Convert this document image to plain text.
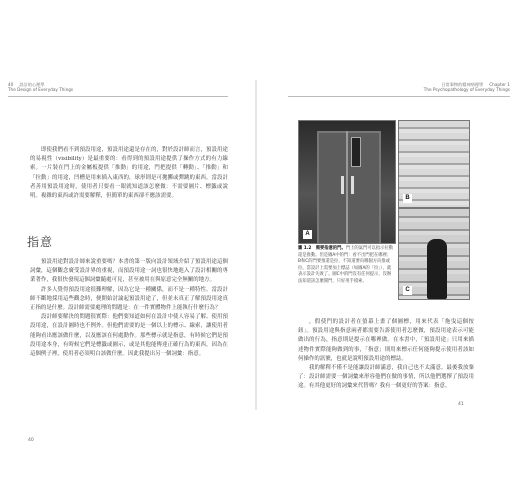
40 設計的心理學
The Design of Everyday Things
日常事物的精神病理學 Chapter 1
The Psychopathology of Everyday Things

即使我們看不到預設用途，預設用途還是存在的，對於設計師而言，預設用途的易視性（visibility）是最重要的：看得到的預設用途提供了操作方式的有力線索。一片裝在門上的金屬板提供「推動」的用途，門把提供「轉動」、「推動」和「拉動」的用途，凹槽是用來插入東西的，球形則是可拋擲或彈跳的東西。當設計者善用預設用途時，使用者只要看一眼就知道該怎麼做：不需要圖片、標籤或說明。複雜的東西或許需要解釋，但簡單的東西卻不應該需要。

指意

預設用途對設計師來說重要嗎？本書的第一版向設計領域介紹了預設用途這個詞彙，這個觀念廣受設計界的重視，而預設用途一詞也很快地進入了設計相關的專業著作，我很快發現這個詞彙隨處可見，甚至被用在與原意完全無關的地方。

許多人覺得預設用途很難理解，因為它是一種關係，而不是一種特性。當設計師不斷地採用這些觀念時，便開始討論起預設用途了，但並未真正了解預設用途真正指的是什麼。設計師需要處理的問題是：在一件實體物件上能執行什麼行為？

設計師要解決的問題很實際：他們要知道如何在設計中使人容易了解、使用預設用途，在設計圖時也不例外。但他們需要的是一個以上的標示、線索，讓使用者能夠看出應該做什麼，以及應該在何處動作。那些標示就是指意，有時候它們是預設用途本身，有時候它們是標籤或圖示，或是其他能傳達正確行為的東西，因為在這個例子裡，使用者必須明白該做什麼。因此我提出另一個詞彙：指意。

40
A
B
C
圖 1.2　需要指意的門。門上的氣門可以指示拉動還是推動。但是圖A中的門：看不出門把在哪裡；B和C的門要推還是拉，不知道要向哪個方向推或拉。當設計上需要加上標誌（如圖A的「拉」），就表示設計失敗了。圖C中的門沒有任何提示，沒辦法知道該怎麼開門，只好用手摸索。

，假使門的設計者在螢幕上畫了個圖標，用來代表「拖曳這個按鈕」。預設用途與指意兩者都需要告訴使用者怎麼做，預設用途表示可能做出的行為，指意則是提示在哪裡做。在本書中，「預設用途」只用來描述物件實際能夠做到的事，「指意」則用來標示任何能夠提示使用者該如何操作的訊號，也就是說明預設用途的標誌。

我的解釋不僅不是能讓設計師滿意，我自己也不太滿意。最後我放棄了：設計師需要一個詞彙來形容他們在做的事情，所以他們選擇了預設用途。有其他更好的詞彙來代替嗎？我有一個更好的答案：指意。

41
